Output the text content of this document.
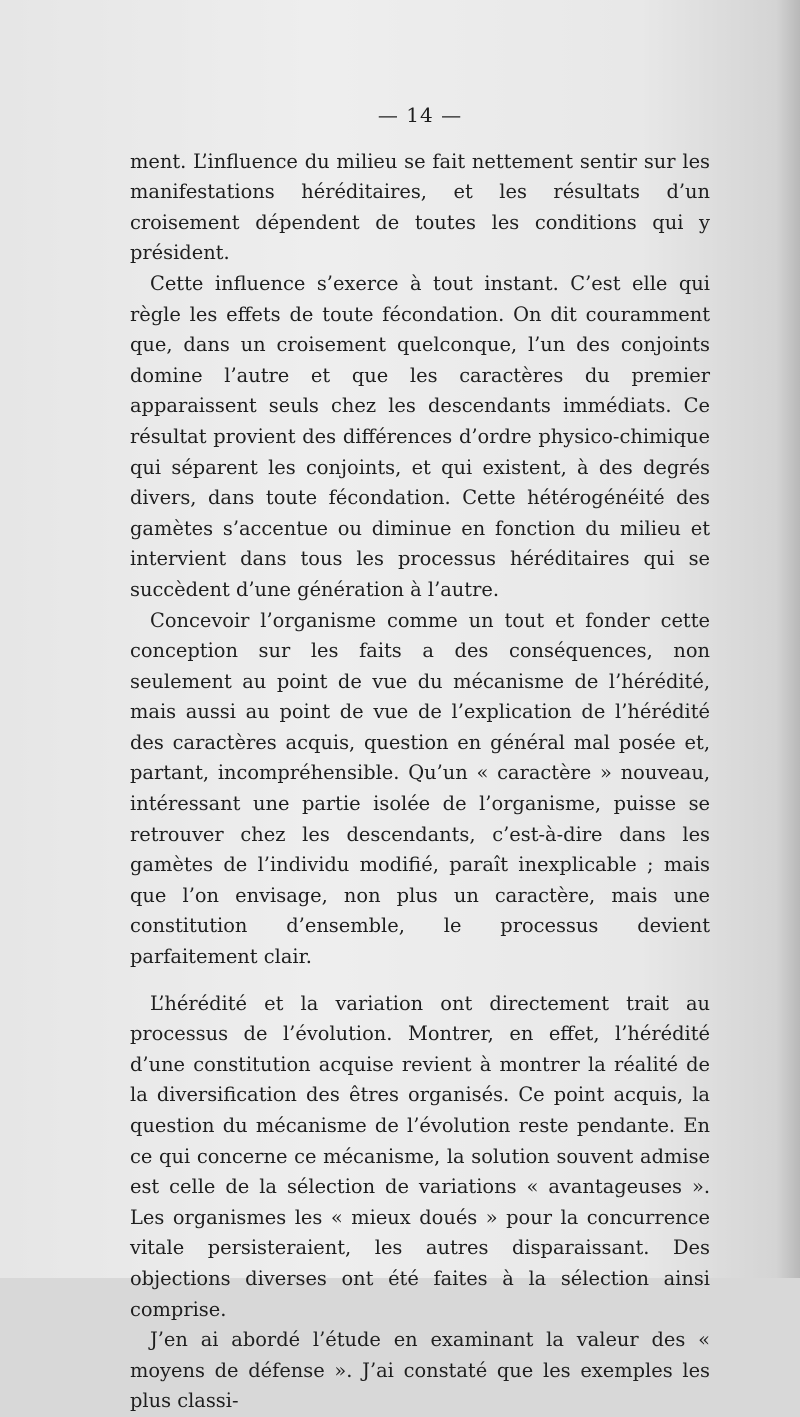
— 14 —

ment. L’influence du milieu se fait nettement sentir sur les manifestations héréditaires, et les résultats d’un croisement dépendent de toutes les conditions qui y président.

Cette influence s’exerce à tout instant. C’est elle qui règle les effets de toute fécondation. On dit couramment que, dans un croisement quelconque, l’un des conjoints domine l’autre et que les caractères du premier apparaissent seuls chez les descendants immédiats. Ce résultat provient des différences d’ordre physico-chimique qui séparent les conjoints, et qui existent, à des degrés divers, dans toute fécondation. Cette hétérogénéité des gamètes s’accentue ou diminue en fonction du milieu et intervient dans tous les processus héréditaires qui se succèdent d’une génération à l’autre.

Concevoir l’organisme comme un tout et fonder cette conception sur les faits a des conséquences, non seulement au point de vue du mécanisme de l’hérédité, mais aussi au point de vue de l’explication de l’hérédité des caractères acquis, question en général mal posée et, partant, incompréhensible. Qu’un « caractère » nouveau, intéressant une partie isolée de l’organisme, puisse se retrouver chez les descendants, c’est-à-dire dans les gamètes de l’individu modifié, paraît inexplicable ; mais que l’on envisage, non plus un caractère, mais une constitution d’ensemble, le processus devient parfaitement clair.

L’hérédité et la variation ont directement trait au processus de l’évolution. Montrer, en effet, l’hérédité d’une constitution acquise revient à montrer la réalité de la diversification des êtres organisés. Ce point acquis, la question du mécanisme de l’évolution reste pendante. En ce qui concerne ce mécanisme, la solution souvent admise est celle de la sélection de variations « avantageuses ». Les organismes les « mieux doués » pour la concurrence vitale persisteraient, les autres disparaissant. Des objections diverses ont été faites à la sélection ainsi comprise.

J’en ai abordé l’étude en examinant la valeur des « moyens de défense ». J’ai constaté que les exemples les plus classi-
